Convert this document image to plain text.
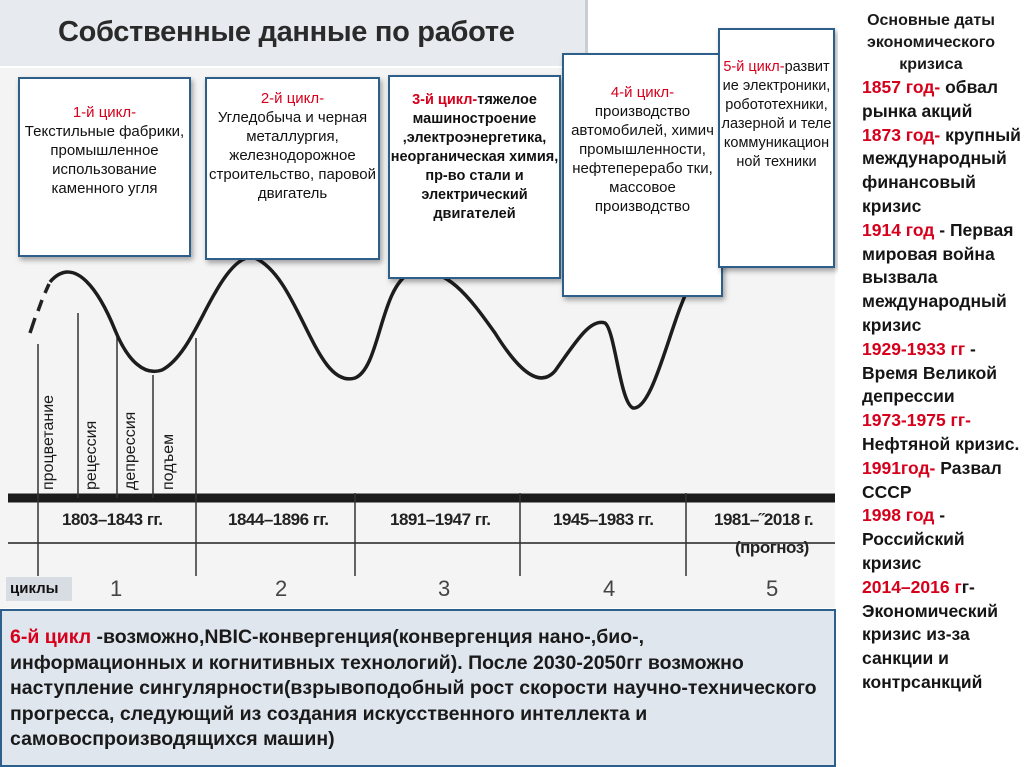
Собственные данные по работе
процветание рецессия депрессия подъем
1803–1843 гг.	1844–1896 гг.	1891–1947 гг.	1945–1983 гг.	1981–˝2018 г.
(прогноз)
циклы	1	2	3	4	5
1-й цикл-
Текстильные фабрики, промышленное использование каменного угля
2-й цикл-
Угледобыча и черная металлургия, железнодорожное строительство, паровой двигатель
3-й цикл-тяжелое машиностроение ,электроэнергетика, неорганическая химия, пр-во стали и электрический двигателей
4-й цикл-
производство автомобилей, химич промышленности, нефтеперерабо тки, массовое производство
5-й цикл-развитие электроники, робототехники, лазерной и телекоммуникационной техники
6-й цикл -возможно,NBIC-конвергенция(конвергенция нано-,био-, информационных и когнитивных технологий). После 2030-2050гг возможно наступление сингулярности(взрывоподобный рост скорости научно-технического прогресса, следующий из создания искусственного интеллекта и самовоспроизводящихся машин)
Основные даты экономического кризиса
1857 год- обвал рынка акций
1873 год- крупный международный финансовый кризис
1914 год - Первая мировая война вызвала международный кризис
1929-1933 гг - Время Великой депрессии
1973-1975 гг- Нефтяной кризис.
1991год- Развал СССР
1998 год - Российский кризис
2014–2016 гг- Экономический кризис из-за санкции и контрсанкций
